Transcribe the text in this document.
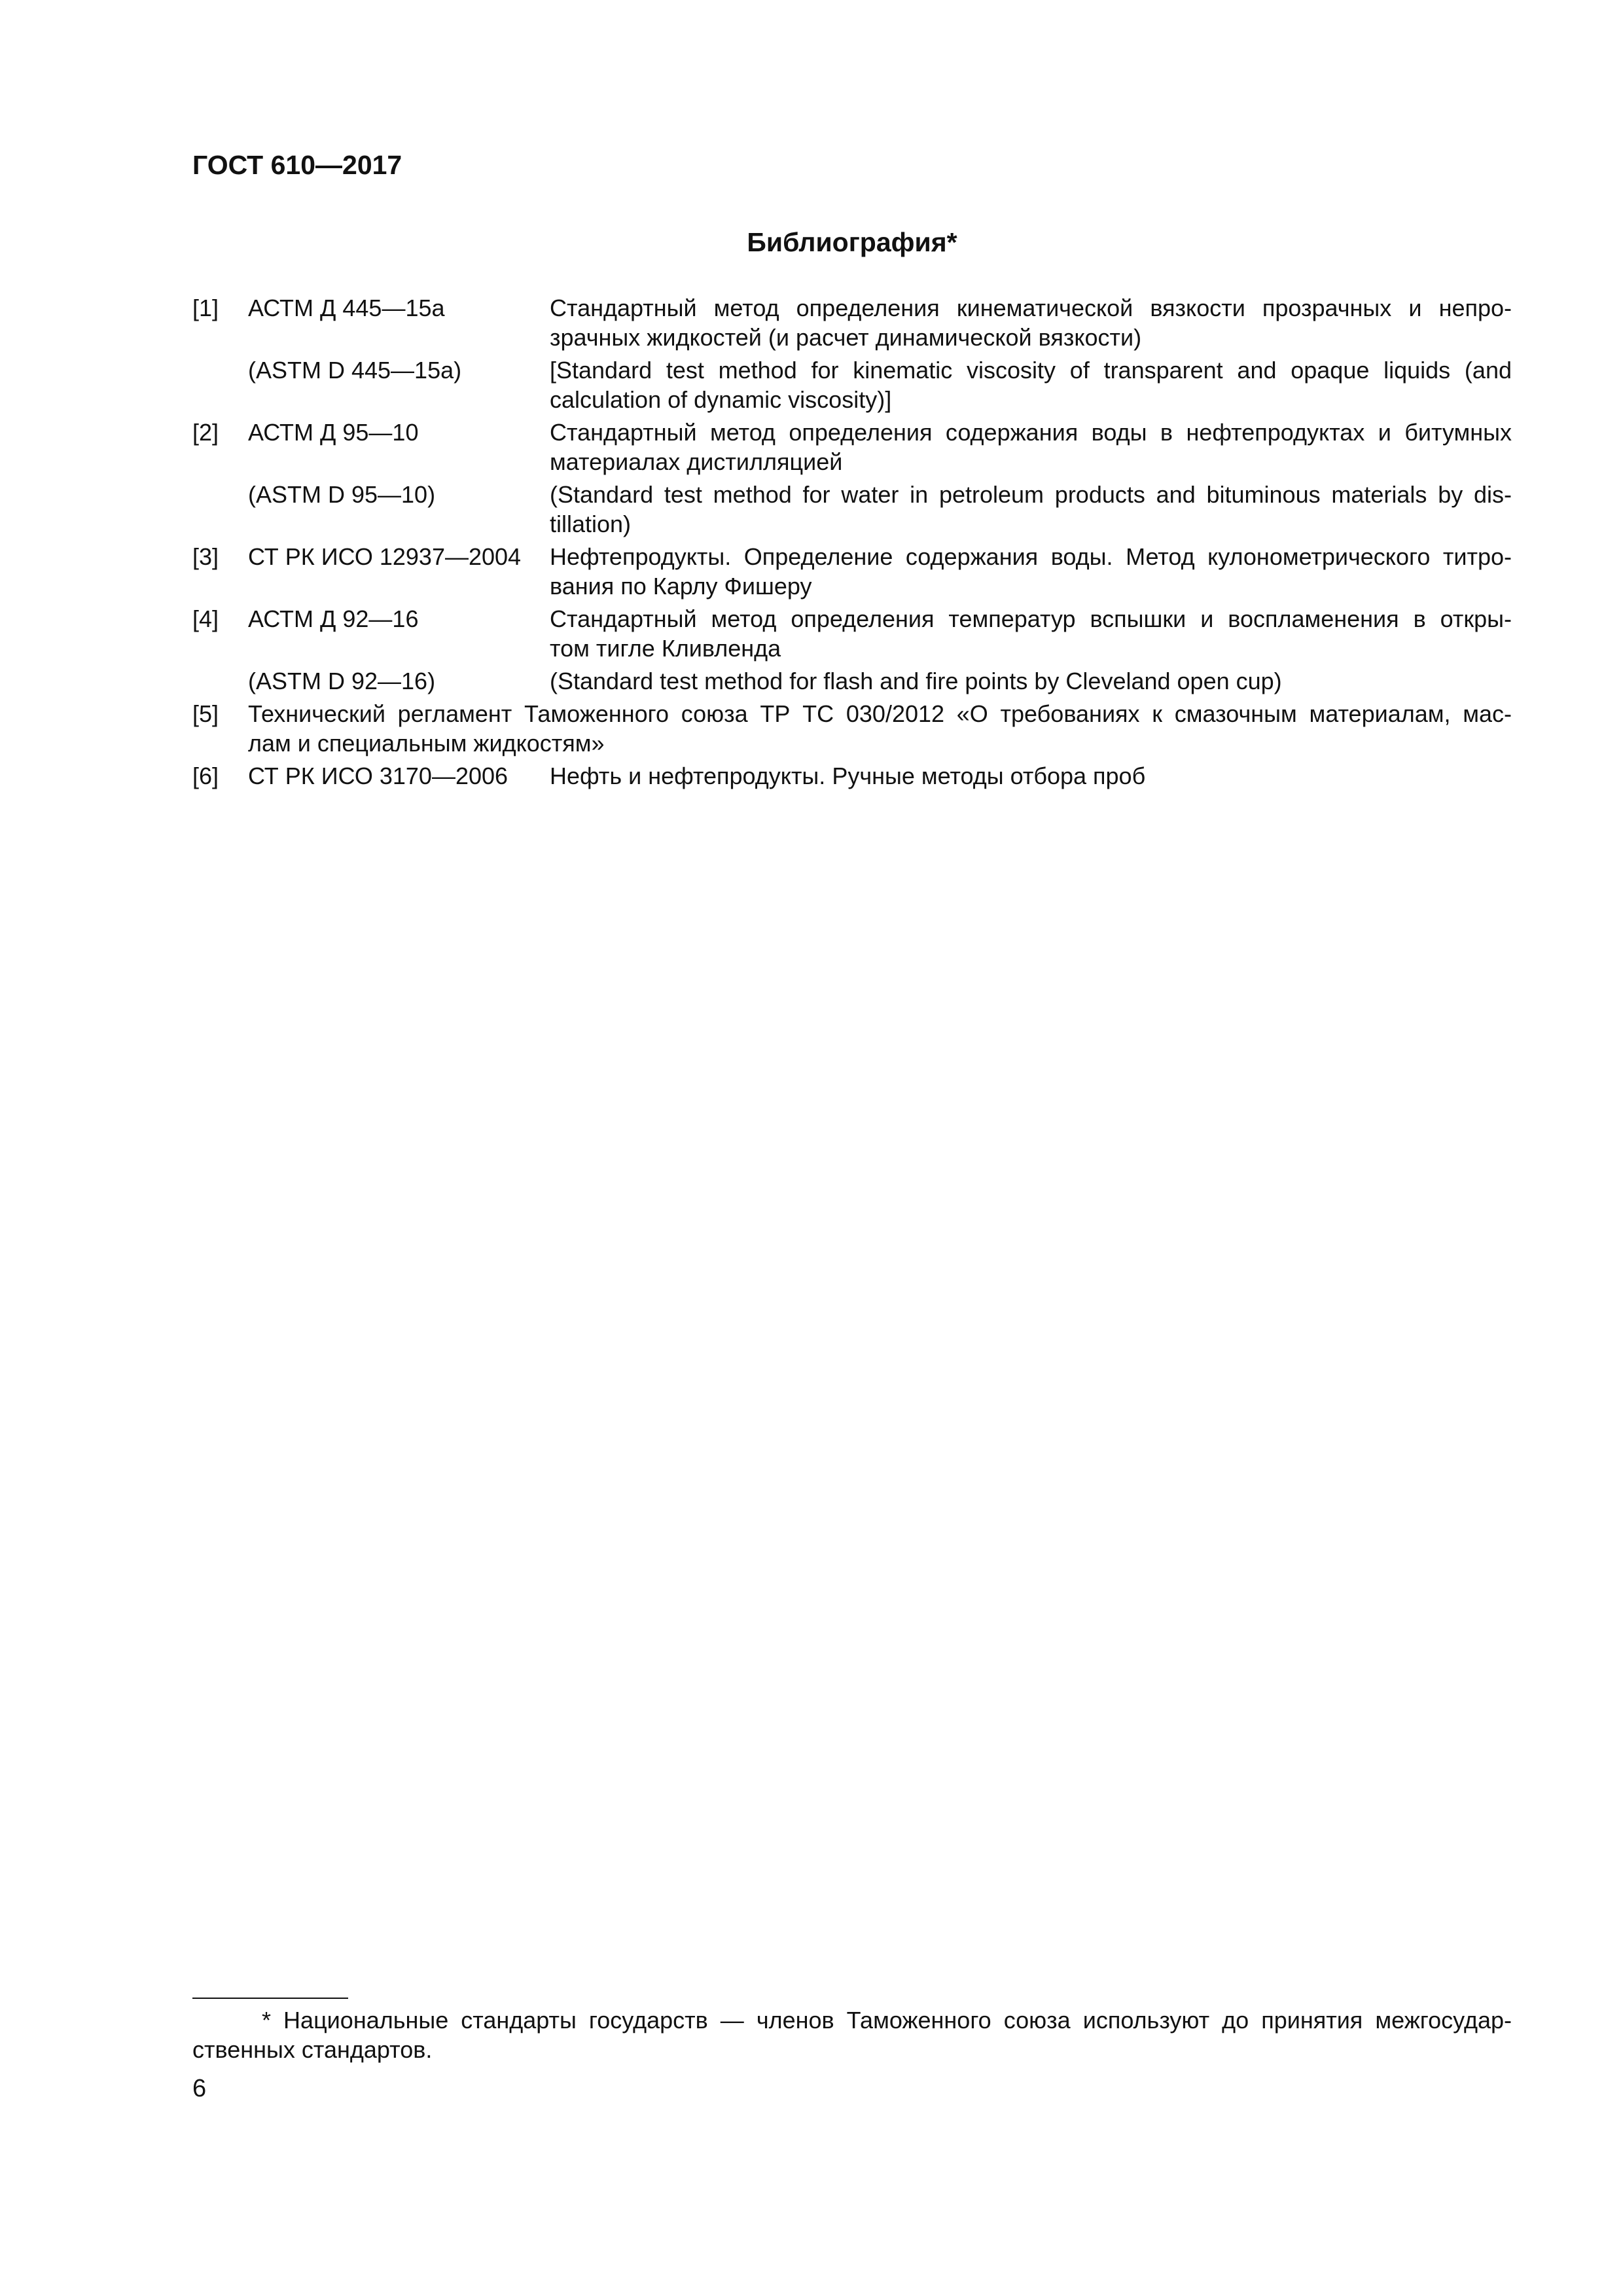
ГОСТ 610—2017
Библиография*
[1]	АСТМ Д 445—15а	Стандартный метод определения кинематической вязкости прозрачных и непро-
зрачных жидкостей (и расчет динамической вязкости)
(ASTM D 445—15a)	[Standard test method for kinematic viscosity of transparent and opaque liquids (and
calculation of dynamic viscosity)]
[2]	АСТМ Д 95—10	Стандартный метод определения содержания воды в нефтепродуктах и битумных
материалах дистилляцией
(ASTM D 95—10)	(Standard test method for water in petroleum products and bituminous materials by dis-
tillation)
[3]	СТ РК ИСО 12937—2004	Нефтепродукты. Определение содержания воды. Метод кулонометрического титро-
вания по Карлу Фишеру
[4]	АСТМ Д 92—16	Стандартный метод определения температур вспышки и воспламенения в откры-
том тигле Кливленда
(ASTM D 92—16)	(Standard test method for flash and fire points by Cleveland open cup)
[5]	Технический регламент Таможенного союза ТР ТС 030/2012 «О требованиях к смазочным материалам, мас-
лам и специальным жидкостям»
[6]	СТ РК ИСО 3170—2006	Нефть и нефтепродукты. Ручные методы отбора проб
* Национальные стандарты государств — членов Таможенного союза используют до принятия межгосудар-
ственных стандартов.
6
